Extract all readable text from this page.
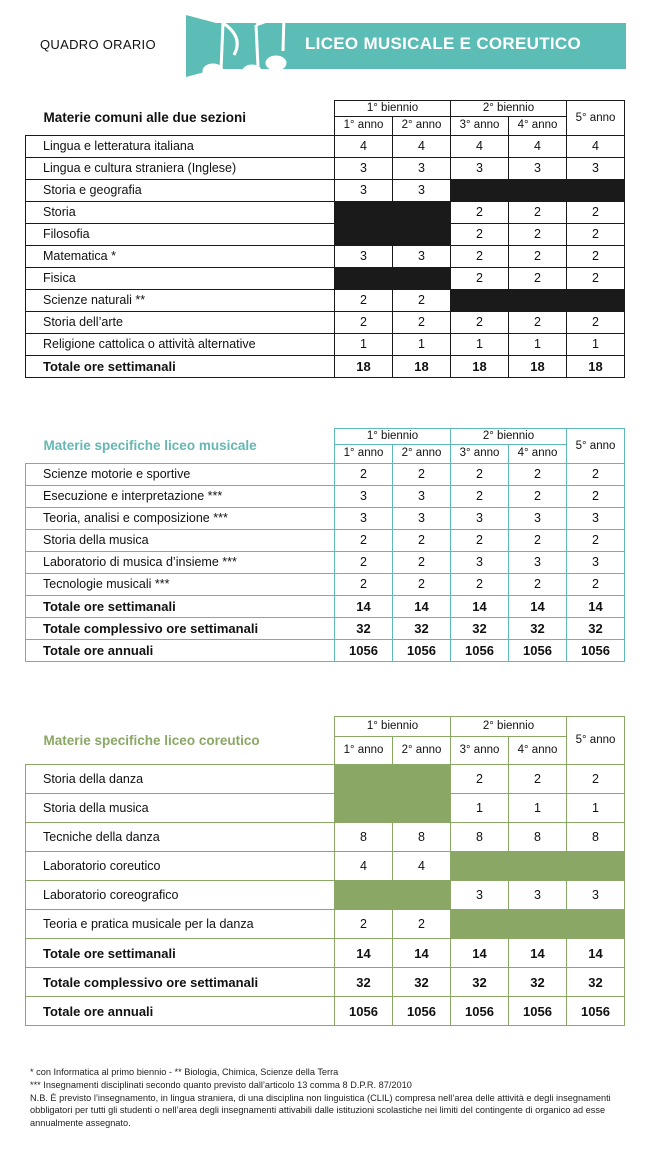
QUADRO ORARIO	LICEO MUSICALE E COREUTICO
Materie comuni alle due sezioni	1° biennio		2° biennio		5° anno
	1° anno	2° anno	3° anno	4° anno	
Lingua e letteratura italiana	4	4	4	4	4
Lingua e cultura straniera (Inglese)	3	3	3	3	3
Storia e geografia	3	3			
Storia			2	2	2
Filosofia			2	2	2
Matematica *	3	3	2	2	2
Fisica			2	2	2
Scienze naturali **	2	2			
Storia dell’arte	2	2	2	2	2
Religione cattolica o attività alternative	1	1	1	1	1
Totale ore settimanali	18	18	18	18	18
Materie specifiche liceo musicale	1° biennio		2° biennio		5° anno
	1° anno	2° anno	3° anno	4° anno	
Scienze motorie e sportive	2	2	2	2	2
Esecuzione e interpretazione ***	3	3	2	2	2
Teoria, analisi e composizione ***	3	3	3	3	3
Storia della musica	2	2	2	2	2
Laboratorio di musica d’insieme ***	2	2	3	3	3
Tecnologie musicali ***	2	2	2	2	2
Totale ore settimanali	14	14	14	14	14
Totale complessivo ore settimanali	32	32	32	32	32
Totale ore annuali	1056	1056	1056	1056	1056
Materie specifiche liceo coreutico	1° biennio		2° biennio		5° anno
	1° anno	2° anno	3° anno	4° anno	
Storia della danza			2	2	2
Storia della musica			1	1	1
Tecniche della danza	8	8	8	8	8
Laboratorio coreutico	4	4			
Laboratorio coreografico			3	3	3
Teoria e pratica musicale per la danza	2	2			
Totale ore settimanali	14	14	14	14	14
Totale complessivo ore settimanali	32	32	32	32	32
Totale ore annuali	1056	1056	1056	1056	1056
* con Informatica al primo biennio - ** Biologia, Chimica, Scienze della Terra
*** Insegnamenti disciplinati secondo quanto previsto dall’articolo 13 comma 8 D.P.R. 87/2010
N.B. È previsto l’insegnamento, in lingua straniera, di una disciplina non linguistica (CLIL) compresa nell’area delle attività e degli insegnamenti obbligatori per tutti gli studenti o nell’area degli insegnamenti attivabili dalle istituzioni scolastiche nei limiti del contingente di organico ad esse annualmente assegnato.
